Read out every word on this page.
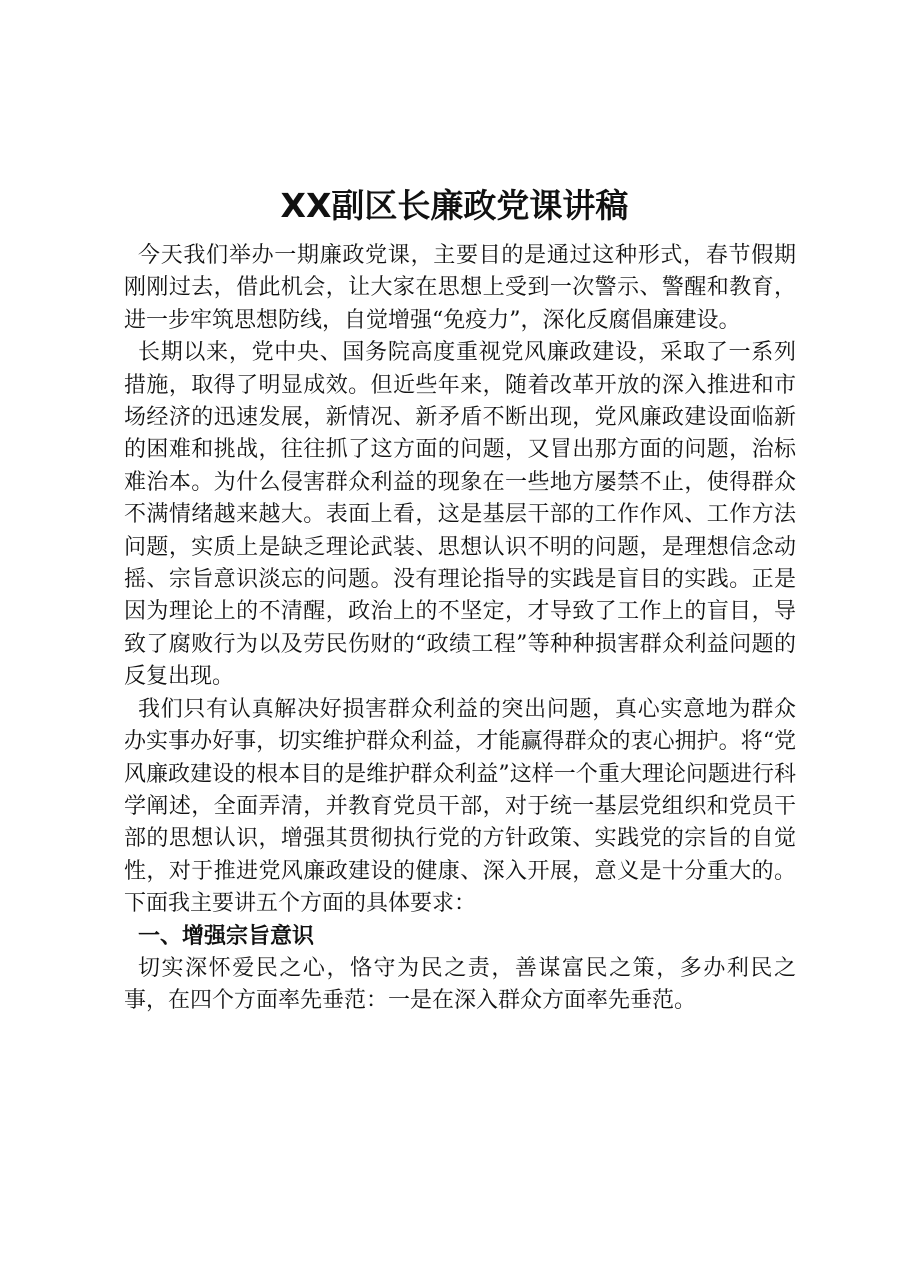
XX副区长廉政党课讲稿

今天我们举办一期廉政党课，主要目的是通过这种形式，春节假期刚刚过去，借此机会，让大家在思想上受到一次警示、警醒和教育，进一步牢筑思想防线，自觉增强“免疫力”，深化反腐倡廉建设。

长期以来，党中央、国务院高度重视党风廉政建设，采取了一系列措施，取得了明显成效。但近些年来，随着改革开放的深入推进和市场经济的迅速发展，新情况、新矛盾不断出现，党风廉政建设面临新的困难和挑战，往往抓了这方面的问题，又冒出那方面的问题，治标难治本。为什么侵害群众利益的现象在一些地方屡禁不止，使得群众不满情绪越来越大。表面上看，这是基层干部的工作作风、工作方法问题，实质上是缺乏理论武装、思想认识不明的问题，是理想信念动摇、宗旨意识淡忘的问题。没有理论指导的实践是盲目的实践。正是因为理论上的不清醒，政治上的不坚定，才导致了工作上的盲目，导致了腐败行为以及劳民伤财的“政绩工程”等种种损害群众利益问题的反复出现。

我们只有认真解决好损害群众利益的突出问题，真心实意地为群众办实事办好事，切实维护群众利益，才能赢得群众的衷心拥护。将“党风廉政建设的根本目的是维护群众利益”这样一个重大理论问题进行科学阐述，全面弄清，并教育党员干部，对于统一基层党组织和党员干部的思想认识，增强其贯彻执行党的方针政策、实践党的宗旨的自觉性，对于推进党风廉政建设的健康、深入开展，意义是十分重大的。下面我主要讲五个方面的具体要求：

一、增强宗旨意识

切实深怀爱民之心，恪守为民之责，善谋富民之策，多办利民之事，在四个方面率先垂范：一是在深入群众方面率先垂范。
